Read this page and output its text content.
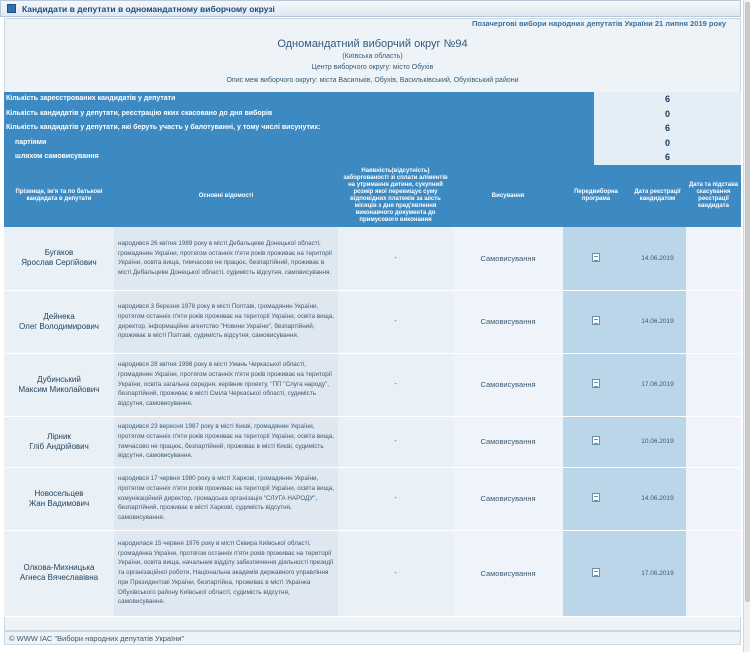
Кандидати в депутати в одномандатному виборчому окрузі
Позачергові вибори народних депутатів України 21 липня 2019 року
Одномандатний виборчий округ №94
(Київська область)
Центр виборчого округу: місто Обухів
Опис меж виборчого округу: міста Васильків, Обухів, Васильківський, Обухівський райони
Кількість зареєстрованих кандидатів у депутати	6
Кількість кандидатів у депутати, реєстрацію яких скасовано до дня виборів	0
Кількість кандидатів у депутати, які беруть участь у балотуванні, у тому числі висунутих:	6
партіями	0
шляхом самовисування	6
Прізвище, ім'я та по батькові кандидата в депутати	Основні відомості	Наявність(відсутність) заборгованості зі сплати аліментів на утримання дитини, сукупний розмір якої перевищує суму відповідних платежів за шість місяців з дня пред'явлення виконавчого документа до примусового виконання	Висування	Передвиборна програма	Дата реєстрації кандидатом	Дата та підстава скасування реєстрації кандидата
Бугаков
Ярослав Сергійович	народився 26 квітня 1989 року в місті Дебальцеве Донецької області, громадянин України, протягом останніх п'яти років проживає на території України, освіта вища, тимчасово не працює, безпартійний, проживає в місті Дебальцеве Донецької області, судимість відсутня, самовисування.	-	Самовисування		14.06.2019	
Дейнека
Олег Володимирович	народився 3 березня 1978 року в місті Полтаві, громадянин України, протягом останніх п'яти років проживає на території України, освіта вища, директор, інформаційне агентство "Новини України", безпартійний, проживає в місті Полтаві, судимість відсутня, самовисування.	-	Самовисування		14.06.2019	
Дубинський
Максим Миколайович	народився 28 квітня 1998 року в місті Умань Черкаської області, громадянин України, протягом останніх п'яти років проживає на території України, освіта загальна середня, керівник проекту, "ПП "Слуга народу", безпартійний, проживає в місті Сміла Черкаської області, судимість відсутня, самовисування.	-	Самовисування		17.06.2019	
Лірник
Гліб Андрійович	народився 23 вересня 1987 року в місті Києві, громадянин України, протягом останніх п'яти років проживає на території України, освіта вища, тимчасово не працює, безпартійний, проживає в місті Києві, судимість відсутня, самовисування.	-	Самовисування		10.06.2019	
Новосельцев
Жан Вадимович	народився 17 червня 1980 року в місті Харкові, громадянин України, протягом останніх п'яти років проживає на території України, освіта вища, комунікаційний директор, громадська організація "СЛУГА НАРОДУ", безпартійний, проживає в місті Харкові, судимість відсутня, самовисування.	-	Самовисування		14.06.2019	
Олкова-Михницька
Агнеса Вячеславівна	народилася 15 червня 1976 року в місті Сквира Київської області, громадянка України, протягом останніх п'яти років проживає на території України, освіта вища, начальник відділу забезпечення діяльності президії та організаційної роботи, Національна академія державного управління при Президентові України, безпартійна, проживає в місті Українка Обухівського району Київської області, судимість відсутня, самовисування.	-	Самовисування		17.06.2019	
© WWW ІАС "Вибори народних депутатів України"
